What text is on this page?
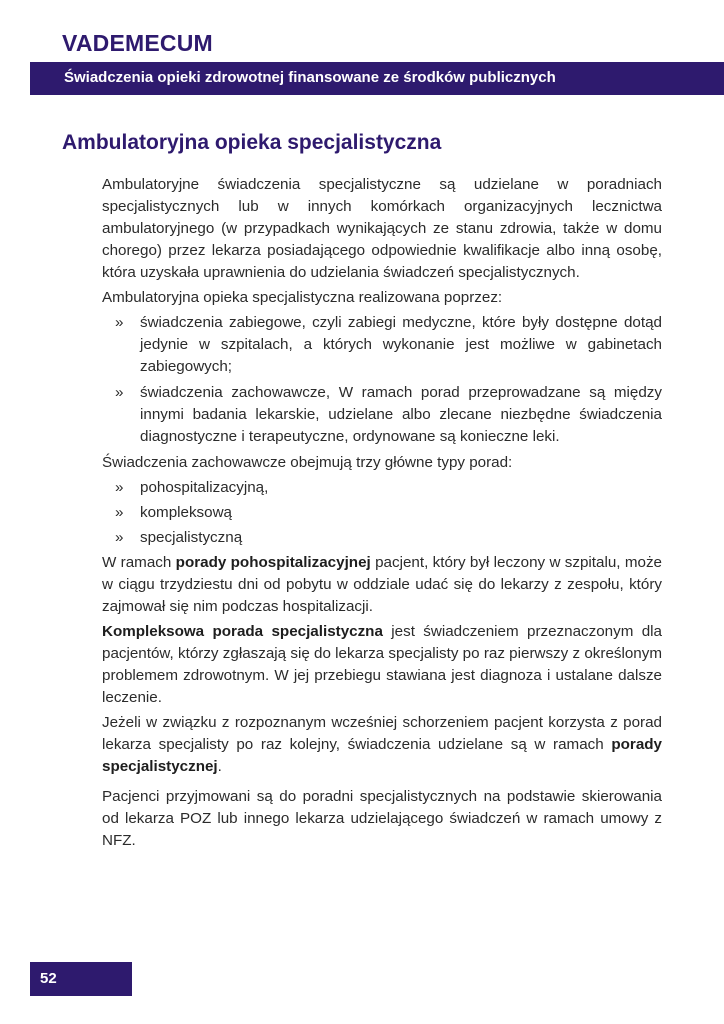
VADEMECUM
Świadczenia opieki zdrowotnej finansowane ze środków publicznych
Ambulatoryjna opieka specjalistyczna

Ambulatoryjne świadczenia specjalistyczne są udzielane w poradniach specjalistycznych lub w innych komórkach organizacyjnych lecznictwa ambulatoryjnego (w przypadkach wynikających ze stanu zdrowia, także w domu chorego) przez lekarza posiadającego odpowiednie kwalifikacje albo inną osobę, która uzyskała uprawnienia do udzielania świadczeń specjalistycznych.

Ambulatoryjna opieka specjalistyczna realizowana poprzez:

» świadczenia zabiegowe, czyli zabiegi medyczne, które były dostępne dotąd jedynie w szpitalach, a których wykonanie jest możliwe w gabinetach zabiegowych;
» świadczenia zachowawcze, W ramach porad przeprowadzane są między innymi badania lekarskie, udzielane albo zlecane niezbędne świadczenia diagnostyczne i terapeutyczne, ordynowane są konieczne leki.

Świadczenia zachowawcze obejmują trzy główne typy porad:

» pohospitalizacyjną,
» kompleksową
» specjalistyczną

W ramach porady pohospitalizacyjnej pacjent, który był leczony w szpitalu, może w ciągu trzydziestu dni od pobytu w oddziale udać się do lekarzy z zespołu, który zajmował się nim podczas hospitalizacji.

Kompleksowa porada specjalistyczna jest świadczeniem przeznaczonym dla pacjentów, którzy zgłaszają się do lekarza specjalisty po raz pierwszy z określonym problemem zdrowotnym. W jej przebiegu stawiana jest diagnoza i ustalane dalsze leczenie.

Jeżeli w związku z rozpoznanym wcześniej schorzeniem pacjent korzysta z porad lekarza specjalisty po raz kolejny, świadczenia udzielane są w ramach porady specjalistycznej.

Pacjenci przyjmowani są do poradni specjalistycznych na podstawie skierowania od lekarza POZ lub innego lekarza udzielającego świadczeń w ramach umowy z NFZ.

52
